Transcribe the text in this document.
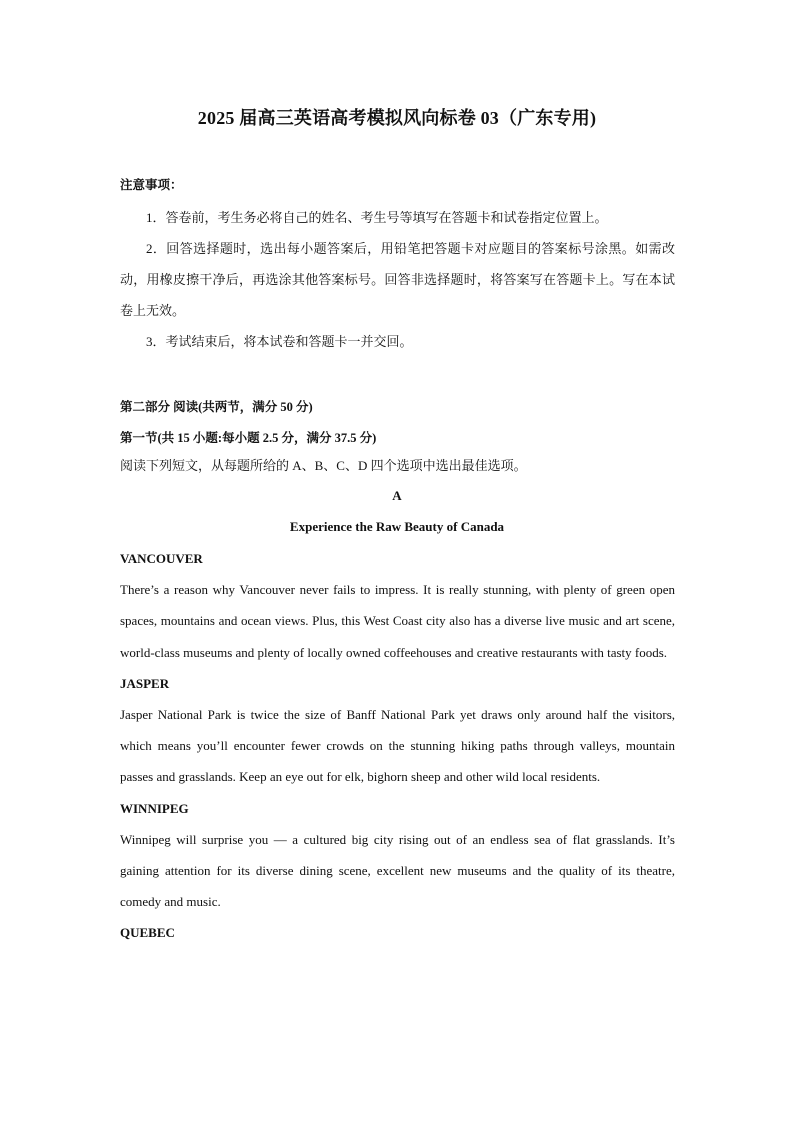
2025 届高三英语高考模拟风向标卷 03（广东专用)
注意事项：

1．答卷前，考生务必将自己的姓名、考生号等填写在答题卡和试卷指定位置上。

2．回答选择题时，选出每小题答案后，用铅笔把答题卡对应题目的答案标号涂黑。如需改动，用橡皮擦干净后，再选涂其他答案标号。回答非选择题时，将答案写在答题卡上。写在本试卷上无效。

3．考试结束后，将本试卷和答题卡一并交回。

第二部分 阅读(共两节，满分 50 分)

第一节(共 15 小题:每小题 2.5 分，满分 37.5 分)

阅读下列短文，从每题所给的 A、B、C、D 四个选项中选出最佳选项。
A
Experience the Raw Beauty of Canada

VANCOUVER

There’s a reason why Vancouver never fails to impress. It is really stunning, with plenty of green open spaces, mountains and ocean views. Plus, this West Coast city also has a diverse live music and art scene, world-class museums and plenty of locally owned coffeehouses and creative restaurants with tasty foods.

JASPER

Jasper National Park is twice the size of Banff National Park yet draws only around half the visitors, which means you’ll encounter fewer crowds on the stunning hiking paths through valleys, mountain passes and grasslands. Keep an eye out for elk, bighorn sheep and other wild local residents.

WINNIPEG

Winnipeg will surprise you — a cultured big city rising out of an endless sea of flat grasslands. It’s gaining attention for its diverse dining scene, excellent new museums and the quality of its theatre, comedy and music.

QUEBEC
